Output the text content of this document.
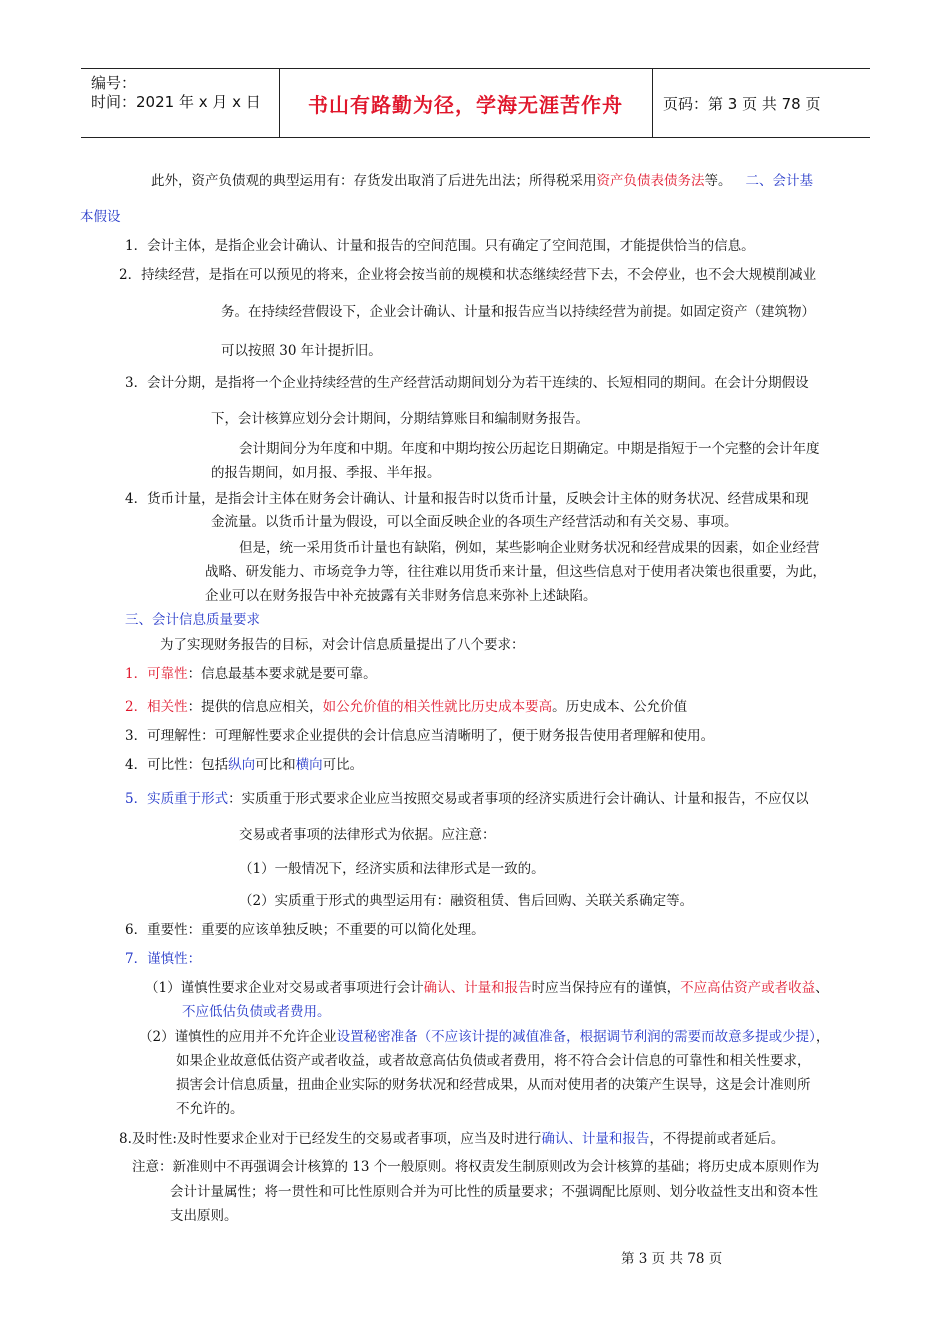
编号：
时间：2021 年 x 月 x 日 书山有路勤为径，学海无涯苦作舟	页码：第 3 页 共 78 页
此外，资产负债观的典型运用有：存货发出取消了后进先出法；所得税采用资产负债表债务法等。 二、会计基
本假设
1．会计主体，是指企业会计确认、计量和报告的空间范围。只有确定了空间范围，才能提供恰当的信息。
2．持续经营，是指在可以预见的将来，企业将会按当前的规模和状态继续经营下去，不会停业，也不会大规模削减业
务。在持续经营假设下，企业会计确认、计量和报告应当以持续经营为前提。如固定资产（建筑物）
可以按照 30 年计提折旧。
3．会计分期，是指将一个企业持续经营的生产经营活动期间划分为若干连续的、长短相同的期间。在会计分期假设
下，会计核算应划分会计期间，分期结算账目和编制财务报告。
会计期间分为年度和中期。年度和中期均按公历起讫日期确定。中期是指短于一个完整的会计年度
的报告期间，如月报、季报、半年报。
4．货币计量，是指会计主体在财务会计确认、计量和报告时以货币计量，反映会计主体的财务状况、经营成果和现
金流量。以货币计量为假设，可以全面反映企业的各项生产经营活动和有关交易、事项。
但是，统一采用货币计量也有缺陷，例如，某些影响企业财务状况和经营成果的因素，如企业经营
战略、研发能力、市场竞争力等，往往难以用货币来计量，但这些信息对于使用者决策也很重要，为此，
企业可以在财务报告中补充披露有关非财务信息来弥补上述缺陷。
三、会计信息质量要求
为了实现财务报告的目标，对会计信息质量提出了八个要求：
1．可靠性：信息最基本要求就是要可靠。
2．相关性：提供的信息应相关，如公允价值的相关性就比历史成本要高。历史成本、公允价值
3．可理解性：可理解性要求企业提供的会计信息应当清晰明了，便于财务报告使用者理解和使用。
4．可比性：包括纵向可比和横向可比。
5．实质重于形式：实质重于形式要求企业应当按照交易或者事项的经济实质进行会计确认、计量和报告，不应仅以
交易或者事项的法律形式为依据。应注意：
（1）一般情况下，经济实质和法律形式是一致的。
（2）实质重于形式的典型运用有：融资租赁、售后回购、关联关系确定等。
6．重要性：重要的应该单独反映；不重要的可以简化处理。
7．谨慎性：
（1）谨慎性要求企业对交易或者事项进行会计确认、计量和报告时应当保持应有的谨慎，不应高估资产或者收益、
不应低估负债或者费用。
（2）谨慎性的应用并不允许企业设置秘密准备（不应该计提的减值准备，根据调节利润的需要而故意多提或少提），
如果企业故意低估资产或者收益，或者故意高估负债或者费用，将不符合会计信息的可靠性和相关性要求，
损害会计信息质量，扭曲企业实际的财务状况和经营成果，从而对使用者的决策产生误导，这是会计准则所
不允许的。
8.及时性:及时性要求企业对于已经发生的交易或者事项，应当及时进行确认、计量和报告，不得提前或者延后。
注意：新准则中不再强调会计核算的 13 个一般原则。将权责发生制原则改为会计核算的基础；将历史成本原则作为
会计计量属性；将一贯性和可比性原则合并为可比性的质量要求；不强调配比原则、划分收益性支出和资本性
支出原则。
第 3 页 共 78 页
